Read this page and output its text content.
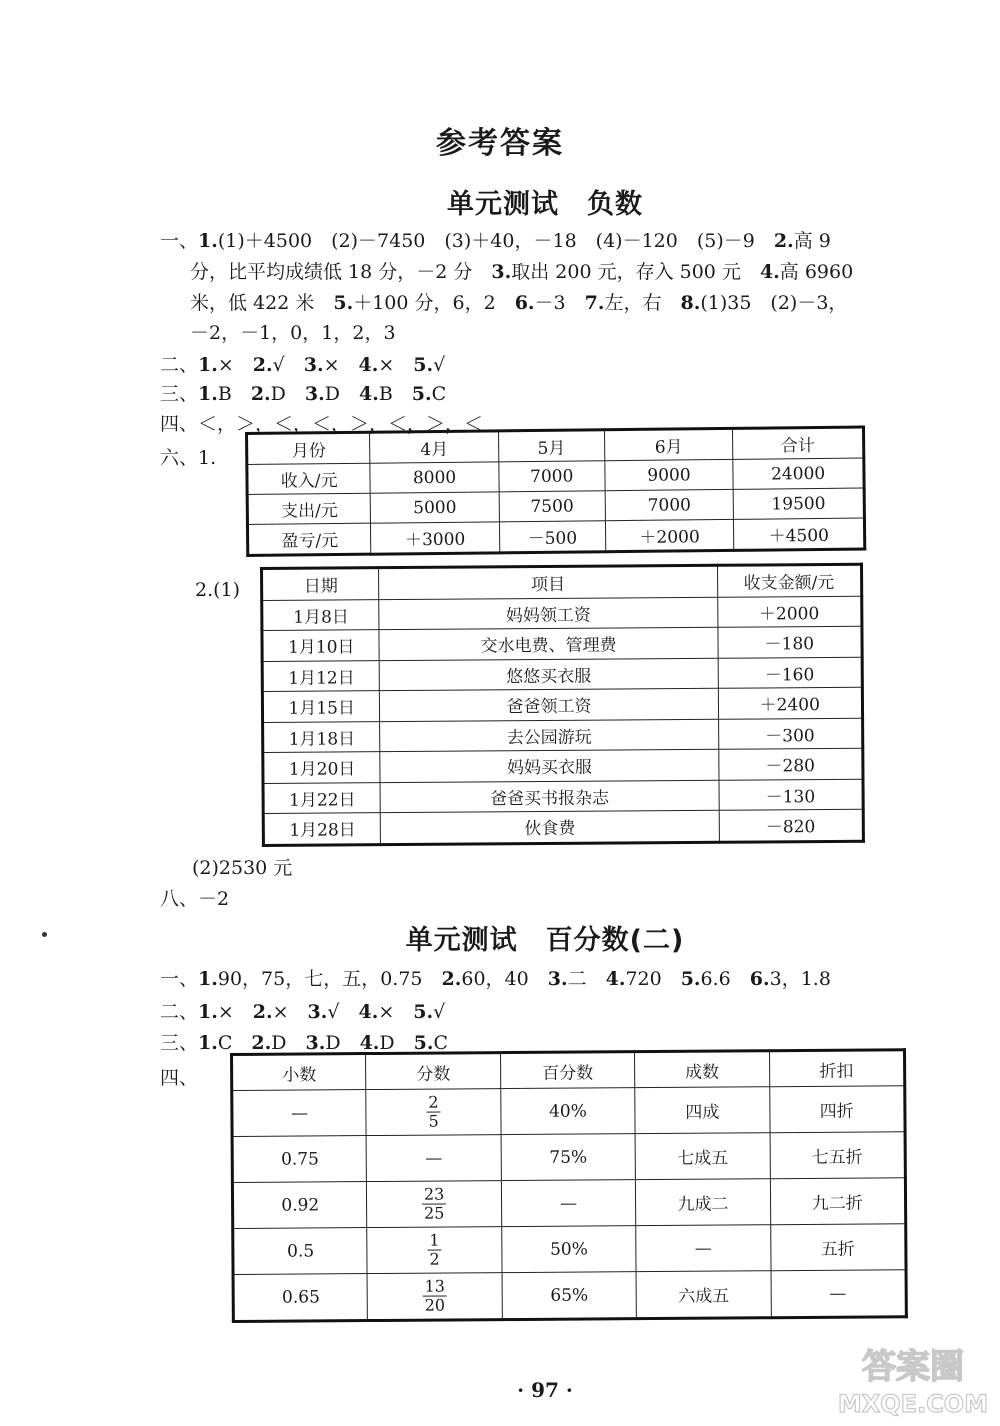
参考答案
单元测试　负数
一、1.(1)＋4500　(2)－7450　(3)＋40，－18　(4)－120　(5)－9　2.高 9
分，比平均成绩低 18 分，－2 分　3.取出 200 元，存入 500 元　4.高 6960
米，低 422 米　5.＋100 分，6，2　6.－3　7.左，右　8.(1)35　(2)－3，
－2，－1，0，1，2，3
二、1.×　2.√　3.×　4.×　5.√
三、1.B　2.D　3.D　4.B　5.C
四、＜，＞，＜，＜，＞，＜，＞，＜
六、1.	月份	4月	5月	6月	合计
收入/元	8000	7000	9000	24000
支出/元	5000	7500	7000	19500
盈亏/元	＋3000	－500	＋2000	＋4500
2.(1)	日期	项目	收支金额/元
1月8日	妈妈领工资	＋2000
1月10日	交水电费、管理费	－180
1月12日	悠悠买衣服	－160
1月15日	爸爸领工资	＋2400
1月18日	去公园游玩	－300
1月20日	妈妈买衣服	－280
1月22日	爸爸买书报杂志	－130
1月28日	伙食费	－820
(2)2530 元
八、－2
单元测试　百分数(二)
一、1.90，75，七，五，0.75　2.60，40　3.二　4.720　5.6.6　6.3，1.8
二、1.×　2.×　3.√　4.×　5.√
三、1.C　2.D　3.D　4.D　5.C
四、	小数	分数	百分数	成数	折扣
—	$\frac{2}{5}$	40%	四成	四折
0.75	—	75%	七成五	七五折
0.92	$\frac{23}{25}$	—	九成二	九二折
0.5	$\frac{1}{2}$	50%	—	五折
0.65	$\frac{13}{20}$	65%	六成五	—
· 97 ·
答案圈
MXQE.COM
